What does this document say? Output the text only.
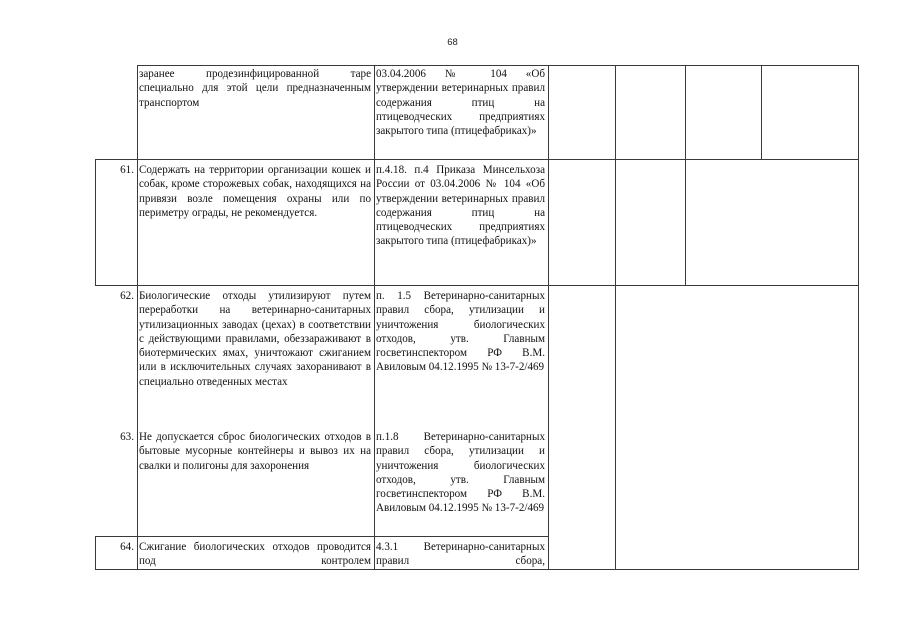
68
заранее продезинфицированной таре специально для этой цели предназначенным транспортом
03.04.2006 № 104 «Об утверждении ветеринарных правил содержания птиц на птицеводческих предприятиях закрытого типа (птицефабриках)»
61. Содержать на территории организации кошек и собак, кроме сторожевых собак, находящихся на привязи возле помещения охраны или по периметру ограды, не рекомендуется.
п.4.18. п.4 Приказа Минсельхоза России от 03.04.2006 № 104 «Об утверждении ветеринарных правил содержания птиц на птицеводческих предприятиях закрытого типа (птицефабриках)»
62. Биологические отходы утилизируют путем переработки на ветеринарно-санитарных утилизационных заводах (цехах) в соответствии с действующими правилами, обеззараживают в биотермических ямах, уничтожают сжиганием или в исключительных случаях захоранивают в специально отведенных местах
п. 1.5 Ветеринарно-санитарных правил сбора, утилизации и уничтожения биологических отходов, утв. Главным госветинспектором РФ В.М. Авиловым 04.12.1995 № 13-7-2/469
63. Не допускается сброс биологических отходов в бытовые мусорные контейнеры и вывоз их на свалки и полигоны для захоронения
п.1.8 Ветеринарно-санитарных правил сбора, утилизации и уничтожения биологических отходов, утв. Главным госветинспектором РФ В.М. Авиловым 04.12.1995 № 13-7-2/469
64. Сжигание биологических отходов проводится под контролем
4.3.1 Ветеринарно-санитарных правил сбора,
